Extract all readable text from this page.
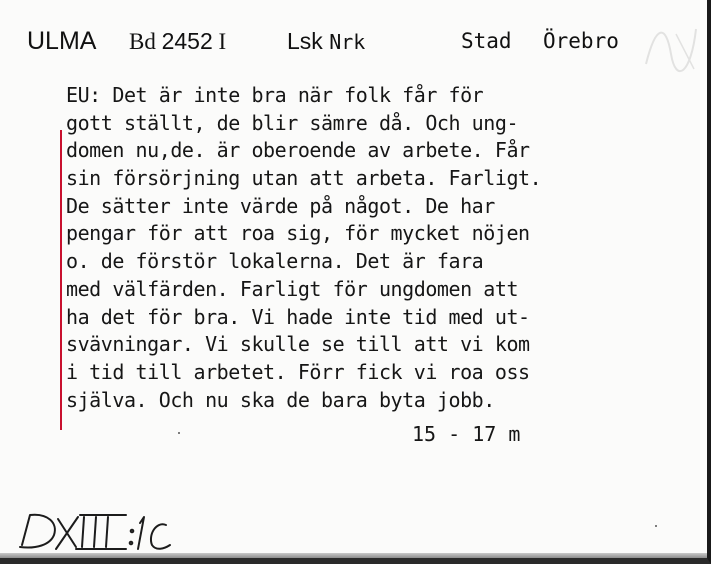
ULMA Bd 2452 I	Lsk Nrk	Stad Örebro
EU: Det är inte bra när folk får för
gott ställt, de blir sämre då. Och ung-
domen nu,de. är oberoende av arbete. Får
sin försörjning utan att arbeta. Farligt.
De sätter inte värde på något. De har
pengar för att roa sig, för mycket nöjen
o. de förstör lokalerna. Det är fara
med välfärden. Farligt för ungdomen att
ha det för bra. Vi hade inte tid med ut-
svävningar. Vi skulle se till att vi kom
i tid till arbetet. Förr fick vi roa oss
själva. Och nu ska de bara byta jobb.
15 - 17 m
